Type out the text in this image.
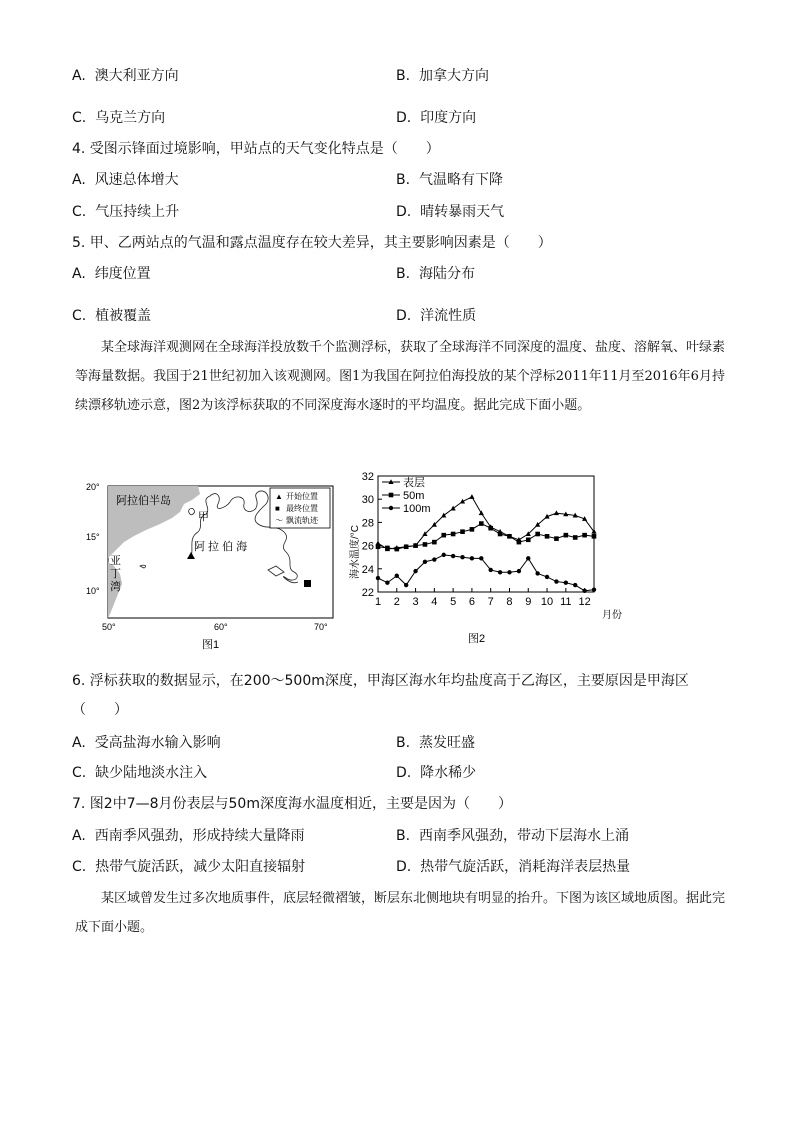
A. 澳大利亚方向	B. 加拿大方向
C. 乌克兰方向	D. 印度方向
4. 受图示锋面过境影响，甲站点的天气变化特点是（　　）
A. 风速总体增大	B. 气温略有下降
C. 气压持续上升	D. 晴转暴雨天气
5. 甲、乙两站点的气温和露点温度存在较大差异，其主要影响因素是（　　）
A. 纬度位置	B. 海陆分布
C. 植被覆盖	D. 洋流性质
某全球海洋观测网在全球海洋投放数千个监测浮标，获取了全球海洋不同深度的温度、盐度、溶解氧、叶绿素等海量数据。我国于21世纪初加入该观测网。图1为我国在阿拉伯海投放的某个浮标2011年11月至2016年6月持续漂移轨迹示意，图2为该浮标获取的不同深度海水逐时的平均温度。据此完成下面小题。
阿拉伯半岛
甲
阿 拉 伯 海
亚
丁
湾
▲ 开始位置
■ 最终位置
〜 飘流轨迹
20°
15°
10°
50°	60°	70°
图1
22
24
26
28
30
32
1 2 3 4 5 6 7 8 9 10 11 12
海水温度/°C
月份
表层
50m
100m
图2
6. 浮标获取的数据显示，在200～500m深度，甲海区海水年均盐度高于乙海区，主要原因是甲海区
（　　）
A. 受高盐海水输入影响	B. 蒸发旺盛
C. 缺少陆地淡水注入	D. 降水稀少
7. 图2中7—8月份表层与50m深度海水温度相近，主要是因为（　　）
A. 西南季风强劲，形成持续大量降雨	B. 西南季风强劲，带动下层海水上涌
C. 热带气旋活跃，减少太阳直接辐射	D. 热带气旋活跃，消耗海洋表层热量
某区域曾发生过多次地质事件，底层轻微褶皱，断层东北侧地块有明显的抬升。下图为该区域地质图。据此完成下面小题。
